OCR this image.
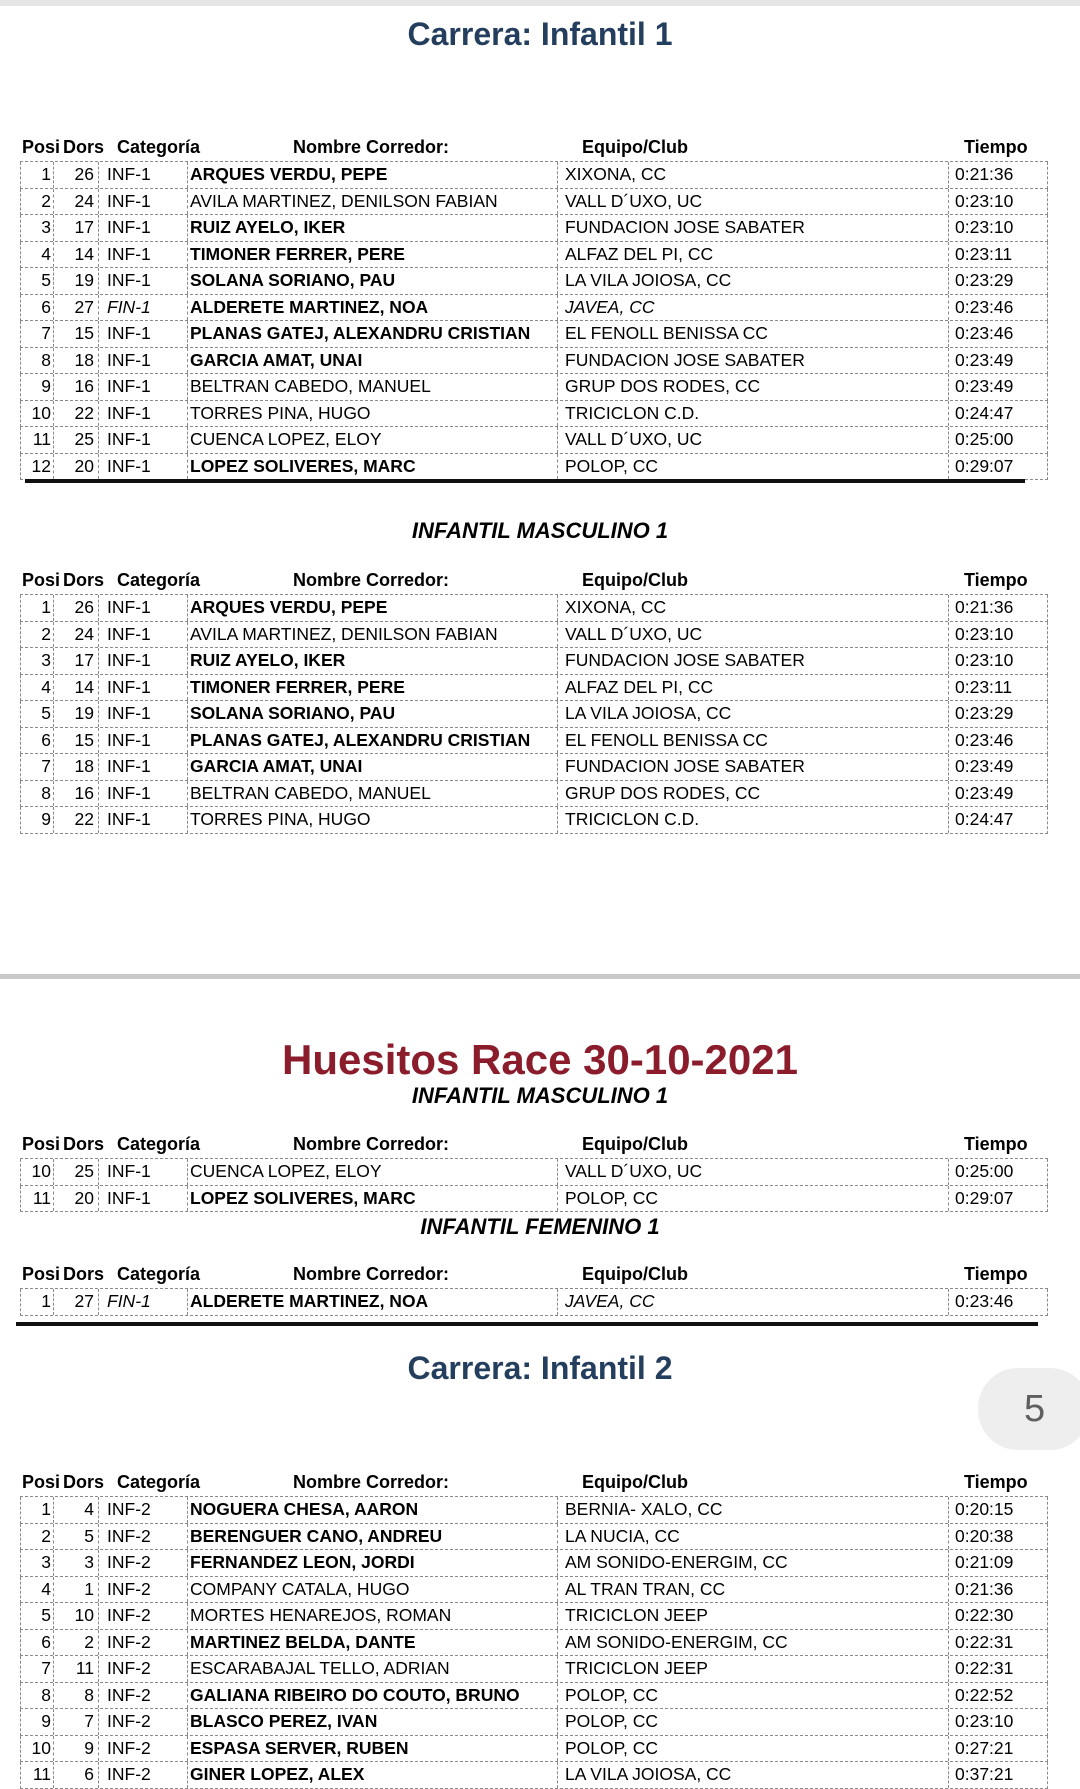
Carrera: Infantil 1
Posi Dors Categoría	Nombre Corredor:	Equipo/Club	Tiempo
1	26 INF-1	ARQUES VERDU, PEPE	XIXONA, CC	0:21:36
2	24 INF-1	AVILA MARTINEZ, DENILSON FABIAN	VALL D´UXO, UC	0:23:10
3	17 INF-1	RUIZ AYELO, IKER	FUNDACION JOSE SABATER	0:23:10
4	14 INF-1	TIMONER FERRER, PERE	ALFAZ DEL PI, CC	0:23:11
5	19 INF-1	SOLANA SORIANO, PAU	LA VILA JOIOSA, CC	0:23:29
6	27 FIN-1	ALDERETE MARTINEZ, NOA	JAVEA, CC	0:23:46
7	15 INF-1	PLANAS GATEJ, ALEXANDRU CRISTIAN	EL FENOLL BENISSA CC	0:23:46
8	18 INF-1	GARCIA AMAT, UNAI	FUNDACION JOSE SABATER	0:23:49
9	16 INF-1	BELTRAN CABEDO, MANUEL	GRUP DOS RODES, CC	0:23:49
10	22 INF-1	TORRES PINA, HUGO	TRICICLON C.D.	0:24:47
11	25 INF-1	CUENCA LOPEZ, ELOY	VALL D´UXO, UC	0:25:00
12	20 INF-1	LOPEZ SOLIVERES, MARC	POLOP, CC	0:29:07
INFANTIL MASCULINO 1
Posi Dors Categoría	Nombre Corredor:	Equipo/Club	Tiempo
1	26 INF-1	ARQUES VERDU, PEPE	XIXONA, CC	0:21:36
2	24 INF-1	AVILA MARTINEZ, DENILSON FABIAN	VALL D´UXO, UC	0:23:10
3	17 INF-1	RUIZ AYELO, IKER	FUNDACION JOSE SABATER	0:23:10
4	14 INF-1	TIMONER FERRER, PERE	ALFAZ DEL PI, CC	0:23:11
5	19 INF-1	SOLANA SORIANO, PAU	LA VILA JOIOSA, CC	0:23:29
6	15 INF-1	PLANAS GATEJ, ALEXANDRU CRISTIAN	EL FENOLL BENISSA CC	0:23:46
7	18 INF-1	GARCIA AMAT, UNAI	FUNDACION JOSE SABATER	0:23:49
8	16 INF-1	BELTRAN CABEDO, MANUEL	GRUP DOS RODES, CC	0:23:49
9	22 INF-1	TORRES PINA, HUGO	TRICICLON C.D.	0:24:47
Huesitos Race 30-10-2021
INFANTIL MASCULINO 1
Posi Dors Categoría	Nombre Corredor:	Equipo/Club	Tiempo
10	25 INF-1	CUENCA LOPEZ, ELOY	VALL D´UXO, UC	0:25:00
11	20 INF-1	LOPEZ SOLIVERES, MARC	POLOP, CC	0:29:07
INFANTIL FEMENINO 1
Posi Dors Categoría	Nombre Corredor:	Equipo/Club	Tiempo
1	27 FIN-1	ALDERETE MARTINEZ, NOA	JAVEA, CC	0:23:46
Carrera: Infantil 2
5
Posi Dors Categoría	Nombre Corredor:	Equipo/Club	Tiempo
1	4 INF-2	NOGUERA CHESA, AARON	BERNIA- XALO, CC	0:20:15
2	5 INF-2	BERENGUER CANO, ANDREU	LA NUCIA, CC	0:20:38
3	3 INF-2	FERNANDEZ LEON, JORDI	AM SONIDO-ENERGIM, CC	0:21:09
4	1 INF-2	COMPANY CATALA, HUGO	AL TRAN TRAN, CC	0:21:36
5	10 INF-2	MORTES HENAREJOS, ROMAN	TRICICLON JEEP	0:22:30
6	2 INF-2	MARTINEZ BELDA, DANTE	AM SONIDO-ENERGIM, CC	0:22:31
7	11 INF-2	ESCARABAJAL TELLO, ADRIAN	TRICICLON JEEP	0:22:31
8	8 INF-2	GALIANA RIBEIRO DO COUTO, BRUNO	POLOP, CC	0:22:52
9	7 INF-2	BLASCO PEREZ, IVAN	POLOP, CC	0:23:10
10	9 INF-2	ESPASA SERVER, RUBEN	POLOP, CC	0:27:21
11	6 INF-2	GINER LOPEZ, ALEX	LA VILA JOIOSA, CC	0:37:21
